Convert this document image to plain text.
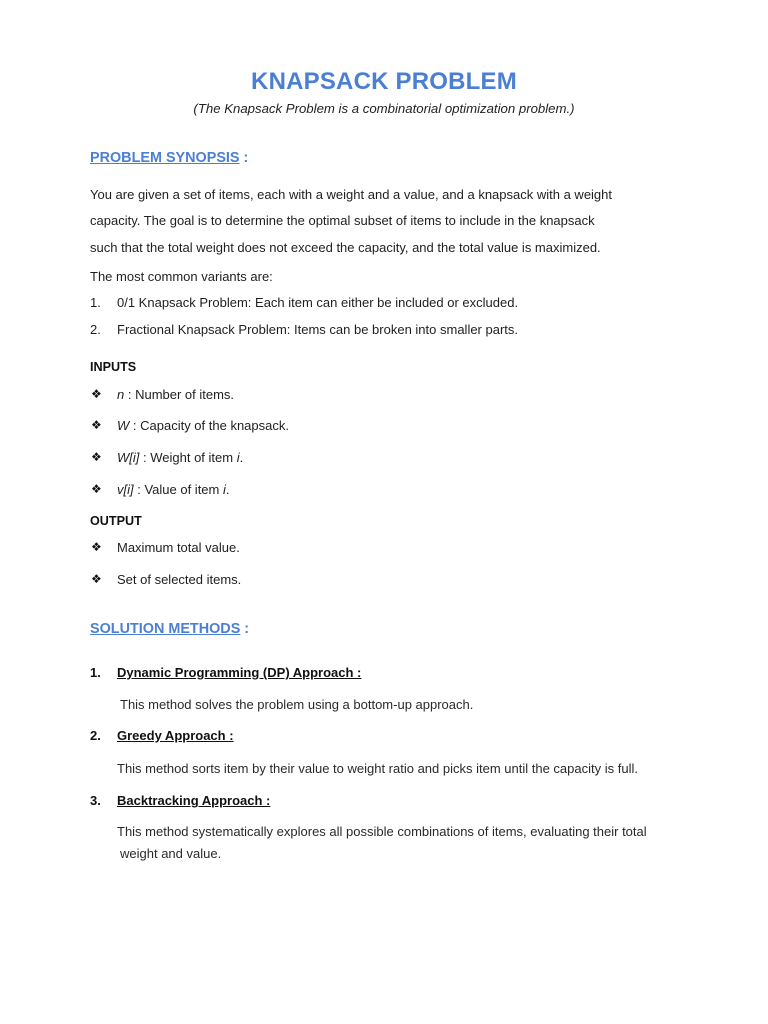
KNAPSACK PROBLEM
(The Knapsack Problem is a combinatorial optimization problem.)
PROBLEM SYNOPSIS :
You are given a set of items, each with a weight and a value, and a knapsack with a weight
capacity. The goal is to determine the optimal subset of items to include in the knapsack
such that the total weight does not exceed the capacity, and the total value is maximized.
The most common variants are:
1. 0/1 Knapsack Problem: Each item can either be included or excluded.
2. Fractional Knapsack Problem: Items can be broken into smaller parts.
INPUTS
❖ n : Number of items.
❖ W : Capacity of the knapsack.
❖ W[i] : Weight of item i.
❖ v[i] : Value of item i.
OUTPUT
❖ Maximum total value.
❖ Set of selected items.
SOLUTION METHODS :
1. Dynamic Programming (DP) Approach :
This method solves the problem using a bottom-up approach.
2. Greedy Approach :
This method sorts item by their value to weight ratio and picks item until the capacity is full.
3. Backtracking Approach :
This method systematically explores all possible combinations of items, evaluating their total
weight and value.
